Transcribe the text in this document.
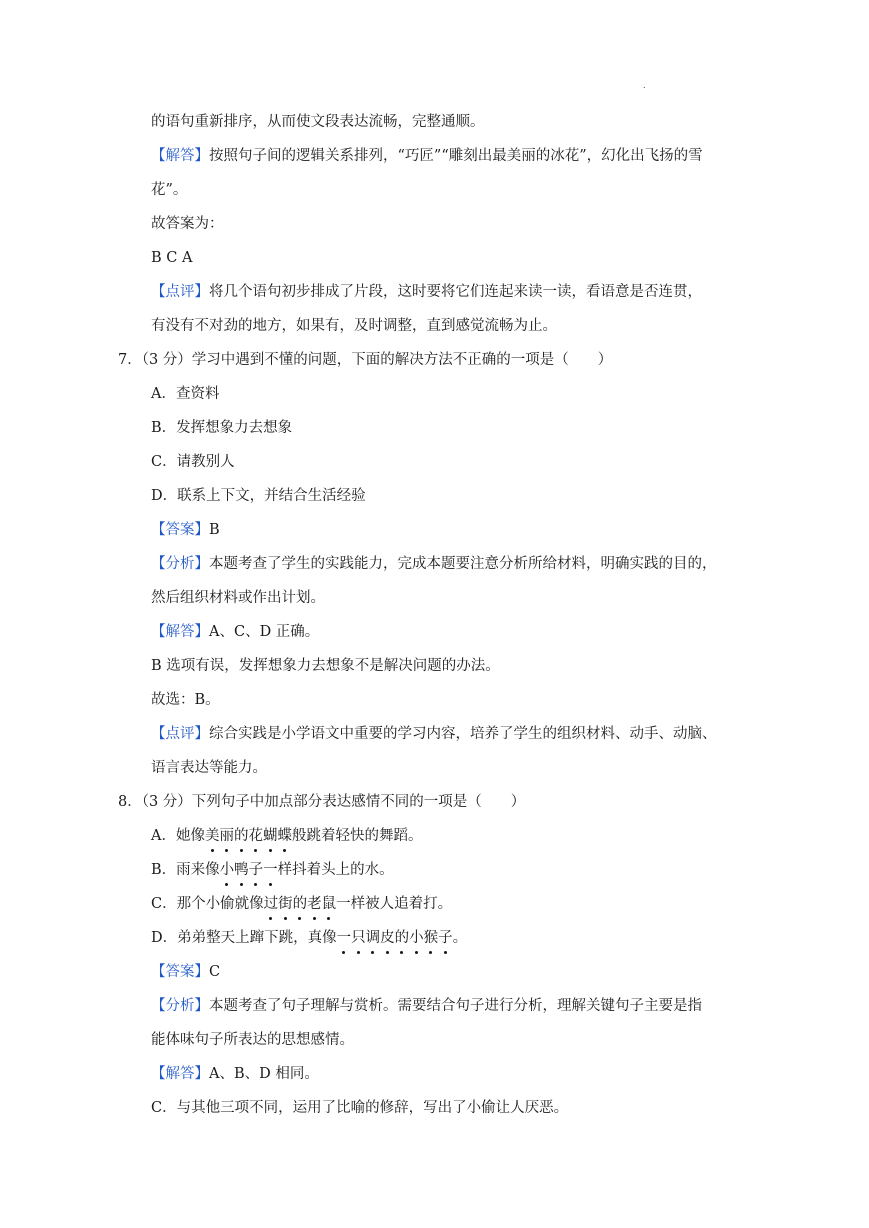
.
的语句重新排序，从而使文段表达流畅，完整通顺。
【解答】按照句子间的逻辑关系排列，“巧匠”“雕刻出最美丽的冰花”，幻化出飞扬的雪
花”。
故答案为：
B C A
【点评】将几个语句初步排成了片段，这时要将它们连起来读一读，看语意是否连贯，
有没有不对劲的地方，如果有，及时调整，直到感觉流畅为止。
7．（3 分）学习中遇到不懂的问题，下面的解决方法不正确的一项是（　　）
A．查资料
B．发挥想象力去想象
C．请教别人
D．联系上下文，并结合生活经验
【答案】B
【分析】本题考查了学生的实践能力，完成本题要注意分析所给材料，明确实践的目的，
然后组织材料或作出计划。
【解答】A、C、D 正确。
B 选项有误，发挥想象力去想象不是解决问题的办法。
故选：B。
【点评】综合实践是小学语文中重要的学习内容，培养了学生的组织材料、动手、动脑、
语言表达等能力。
8．（3 分）下列句子中加点部分表达感情不同的一项是（　　）
A．她像美丽的花蝴蝶般跳着轻快的舞蹈。
B．雨来像小鸭子一样抖着头上的水。
C．那个小偷就像过街的老鼠一样被人追着打。
D．弟弟整天上蹿下跳，真像一只调皮的小猴子。
【答案】C
【分析】本题考查了句子理解与赏析。需要结合句子进行分析，理解关键句子主要是指
能体味句子所表达的思想感情。
【解答】A、B、D 相同。
C．与其他三项不同，运用了比喻的修辞，写出了小偷让人厌恶。
